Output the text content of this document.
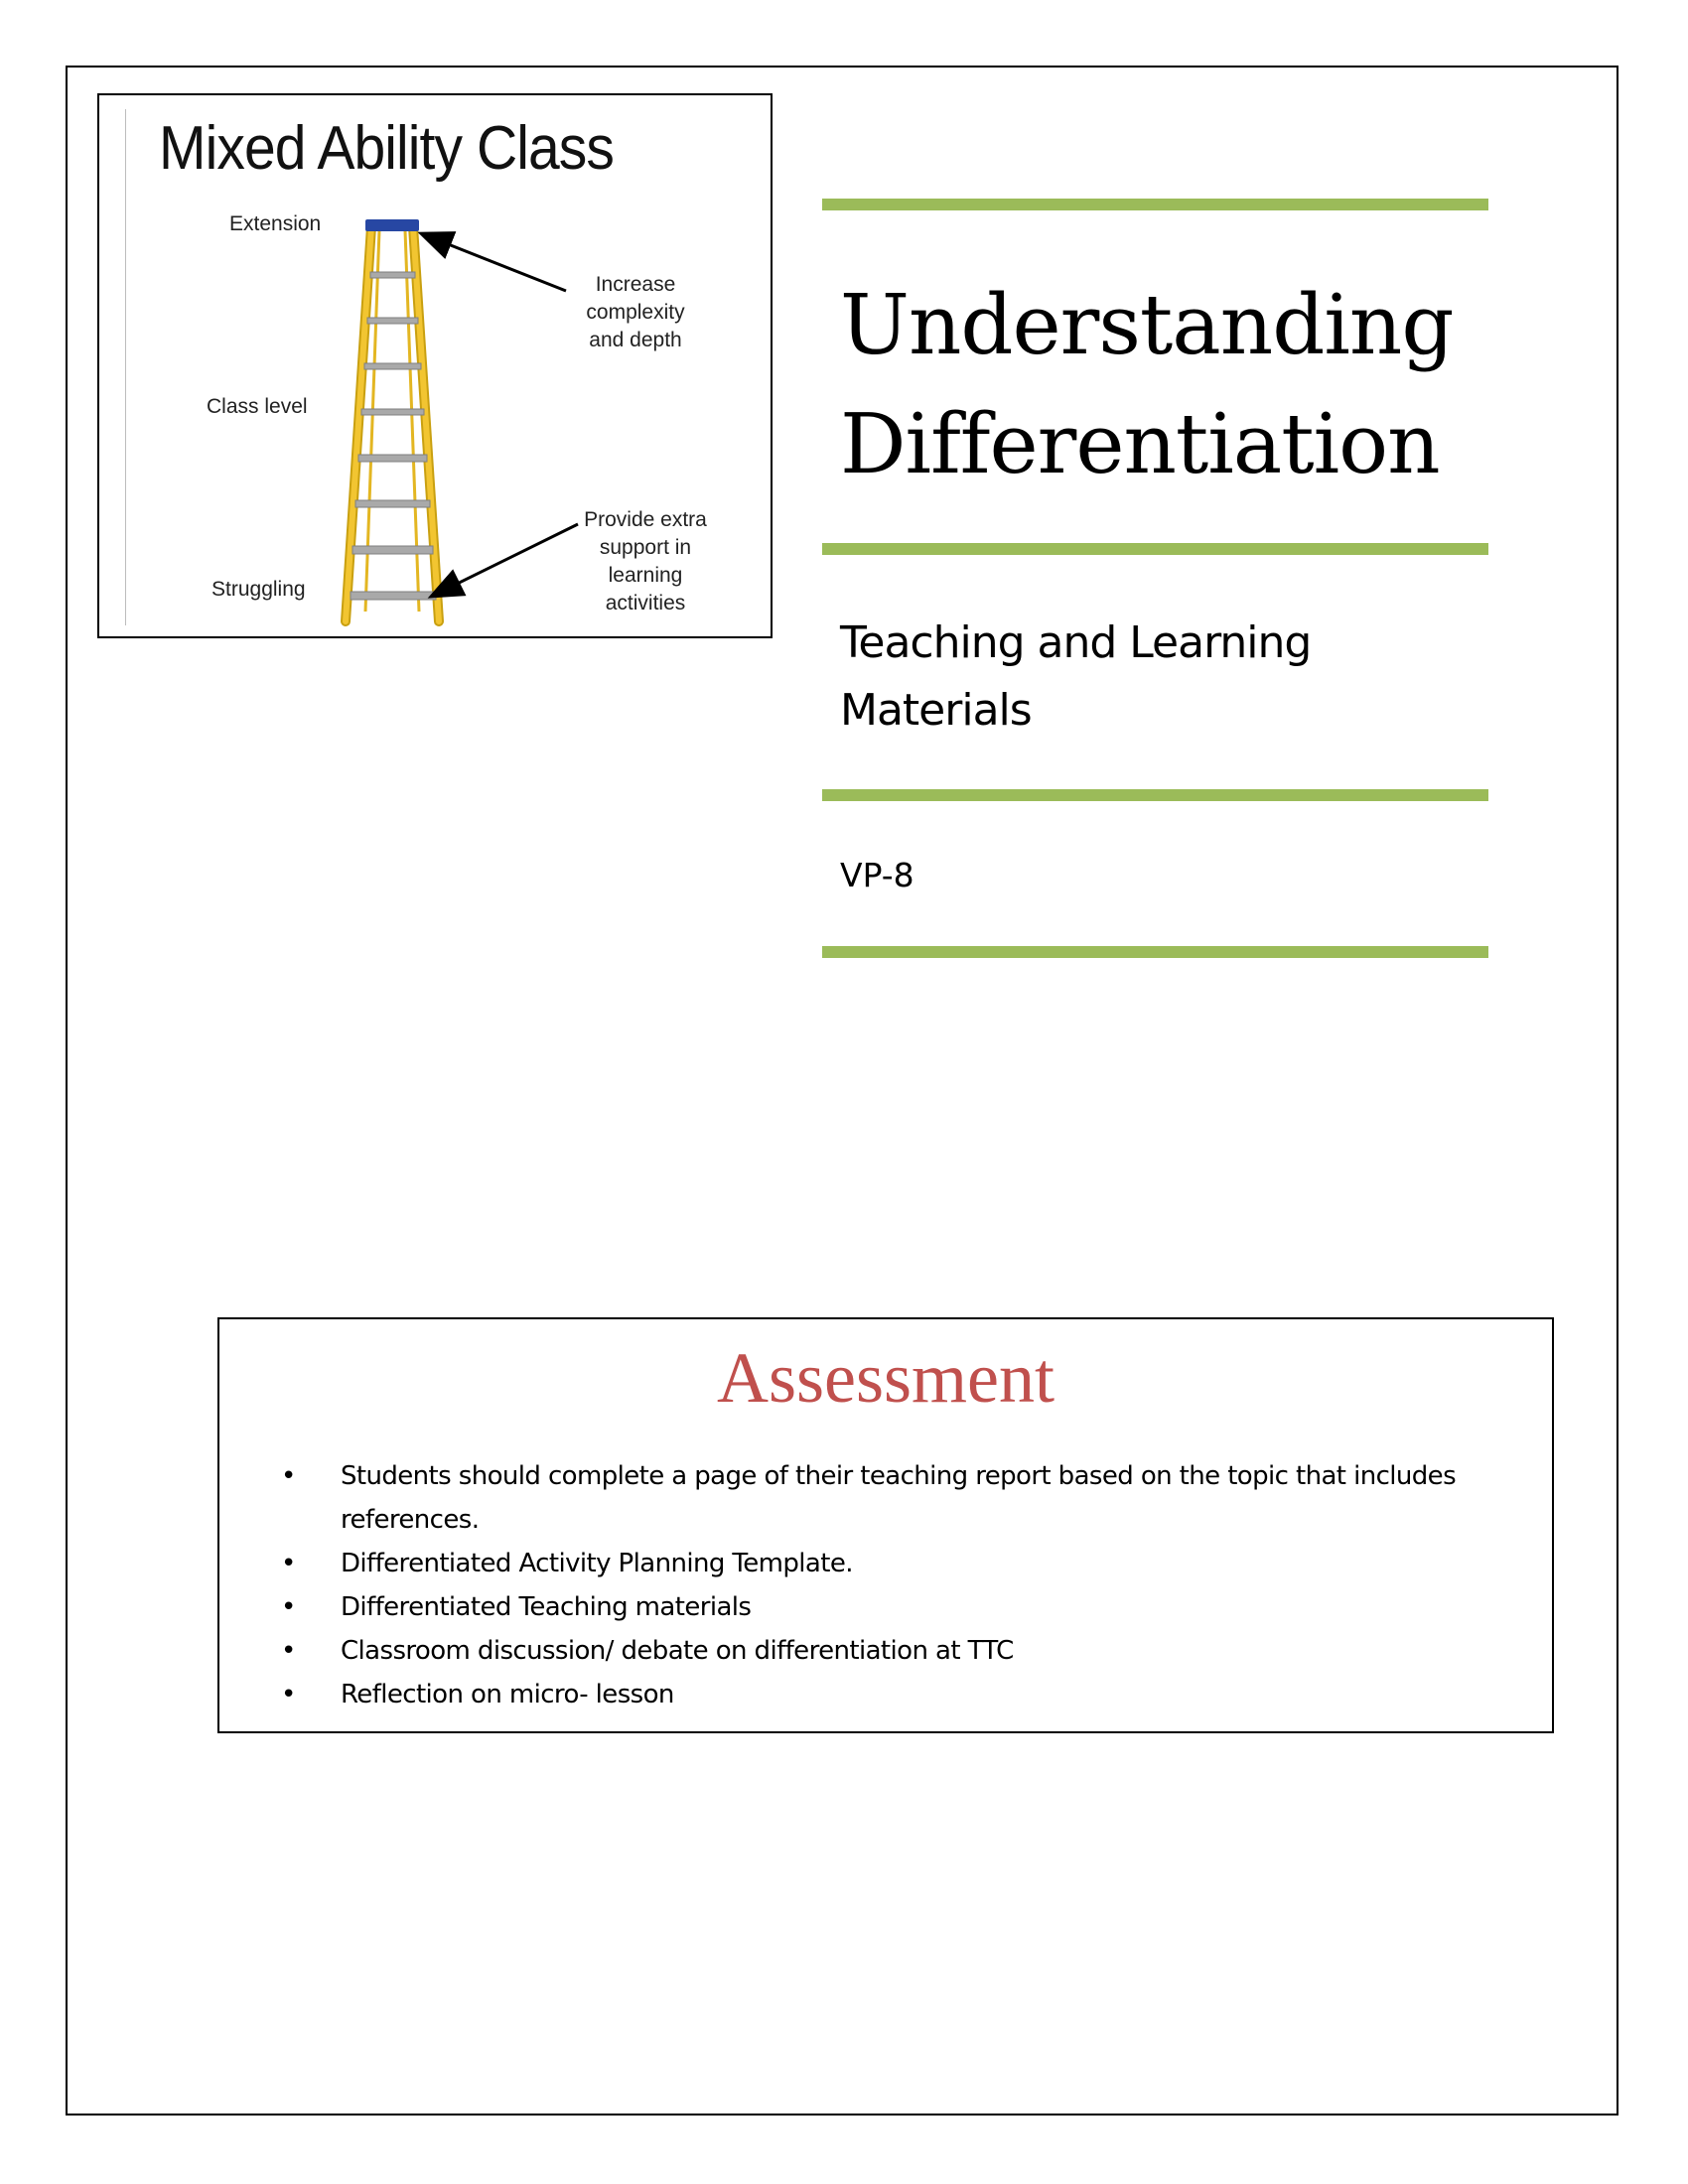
Mixed Ability Class
Extension
Class level
Struggling
Increase
complexity
and depth
Provide extra
support in
learning
activities
Understanding
Differentiation
Teaching and Learning
Materials
VP-8
Assessment
• Students should complete a page of their teaching report based on the topic that includes references.
• Differentiated Activity Planning Template.
• Differentiated Teaching materials
• Classroom discussion/ debate on differentiation at TTC
• Reflection on micro- lesson
